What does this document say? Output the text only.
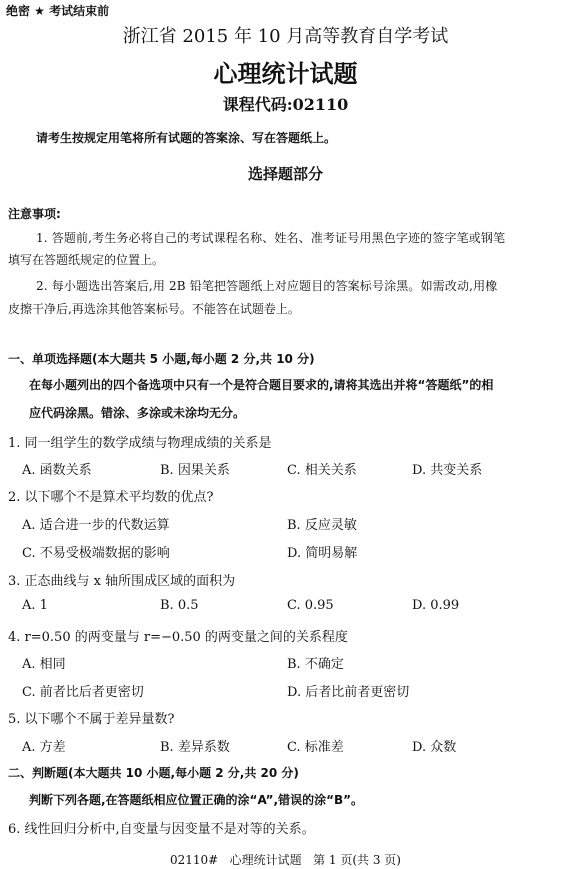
绝密 ★ 考试结束前
浙江省 2015 年 10 月高等教育自学考试
心理统计试题
课程代码:02110
请考生按规定用笔将所有试题的答案涂、写在答题纸上。
选择题部分
注意事项:
1. 答题前,考生务必将自己的考试课程名称、姓名、准考证号用黑色字迹的签字笔或钢笔
填写在答题纸规定的位置上。
2. 每小题选出答案后,用 2B 铅笔把答题纸上对应题目的答案标号涂黑。如需改动,用橡
皮擦干净后,再选涂其他答案标号。不能答在试题卷上。
一、单项选择题(本大题共 5 小题,每小题 2 分,共 10 分)
在每小题列出的四个备选项中只有一个是符合题目要求的,请将其选出并将“答题纸”的相
应代码涂黑。错涂、多涂或未涂均无分。
1. 同一组学生的数学成绩与物理成绩的关系是
A. 函数关系	B. 因果关系	C. 相关关系	D. 共变关系
2. 以下哪个不是算术平均数的优点?
A. 适合进一步的代数运算	B. 反应灵敏
C. 不易受极端数据的影响	D. 简明易解
3. 正态曲线与 x 轴所围成区域的面积为
A. 1	B. 0.5	C. 0.95	D. 0.99
4. r=0.50 的两变量与 r=−0.50 的两变量之间的关系程度
A. 相同	B. 不确定
C. 前者比后者更密切	D. 后者比前者更密切
5. 以下哪个不属于差异量数?
A. 方差	B. 差异系数	C. 标准差	D. 众数
二、判断题(本大题共 10 小题,每小题 2 分,共 20 分)
判断下列各题,在答题纸相应位置正确的涂“A”,错误的涂“B”。
6. 线性回归分析中,自变量与因变量不是对等的关系。
02110#   心理统计试题   第 1 页(共 3 页)
